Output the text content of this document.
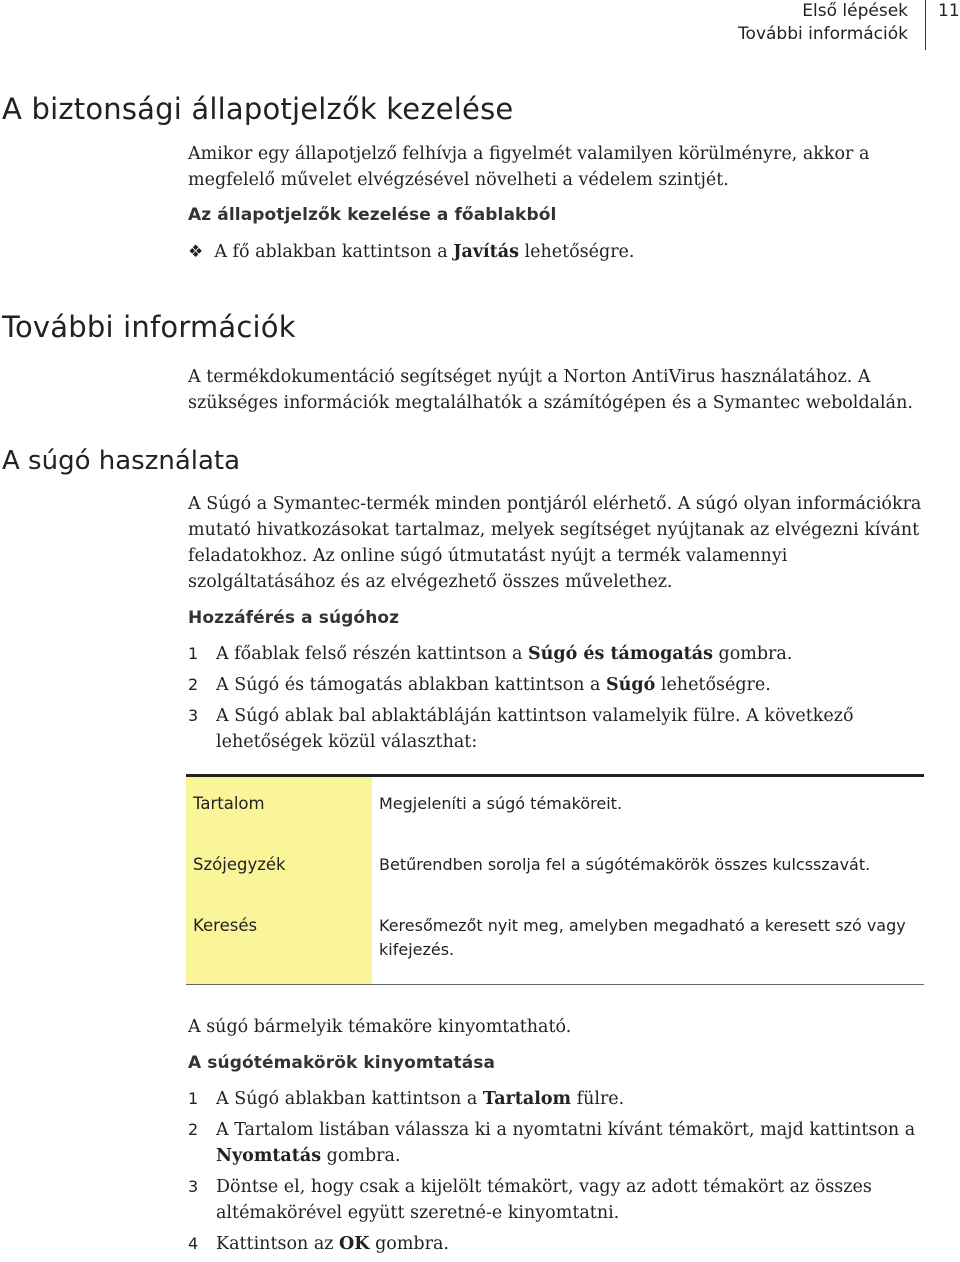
Első lépések
További információk
11
A biztonsági állapotjelzők kezelése
Amikor egy állapotjelző felhívja a figyelmét valamilyen körülményre, akkor a megfelelő művelet elvégzésével növelheti a védelem szintjét.
Az állapotjelzők kezelése a főablakból
❖ A fő ablakban kattintson a Javítás lehetőségre.
További információk
A termékdokumentáció segítséget nyújt a Norton AntiVirus használatához. A szükséges információk megtalálhatók a számítógépen és a Symantec weboldalán.
A súgó használata
A Súgó a Symantec-termék minden pontjáról elérhető. A súgó olyan információkra mutató hivatkozásokat tartalmaz, melyek segítséget nyújtanak az elvégezni kívánt feladatokhoz. Az online súgó útmutatást nyújt a termék valamennyi szolgáltatásához és az elvégezhető összes művelethez.
Hozzáférés a súgóhoz
1 A főablak felső részén kattintson a Súgó és támogatás gombra.
2 A Súgó és támogatás ablakban kattintson a Súgó lehetőségre.
3 A Súgó ablak bal ablaktábláján kattintson valamelyik fülre. A következő lehetőségek közül választhat:
Tartalom	Megjeleníti a súgó témaköreit.
Szójegyzék	Betűrendben sorolja fel a súgótémakörök összes kulcsszavát.
Keresés	Keresőmezőt nyit meg, amelyben megadható a keresett szó vagy kifejezés.
A súgó bármelyik témaköre kinyomtatható.
A súgótémakörök kinyomtatása
1 A Súgó ablakban kattintson a Tartalom fülre.
2 A Tartalom listában válassza ki a nyomtatni kívánt témakört, majd kattintson a Nyomtatás gombra.
3 Döntse el, hogy csak a kijelölt témakört, vagy az adott témakört az összes altémakörével együtt szeretné-e kinyomtatni.
4 Kattintson az OK gombra.
